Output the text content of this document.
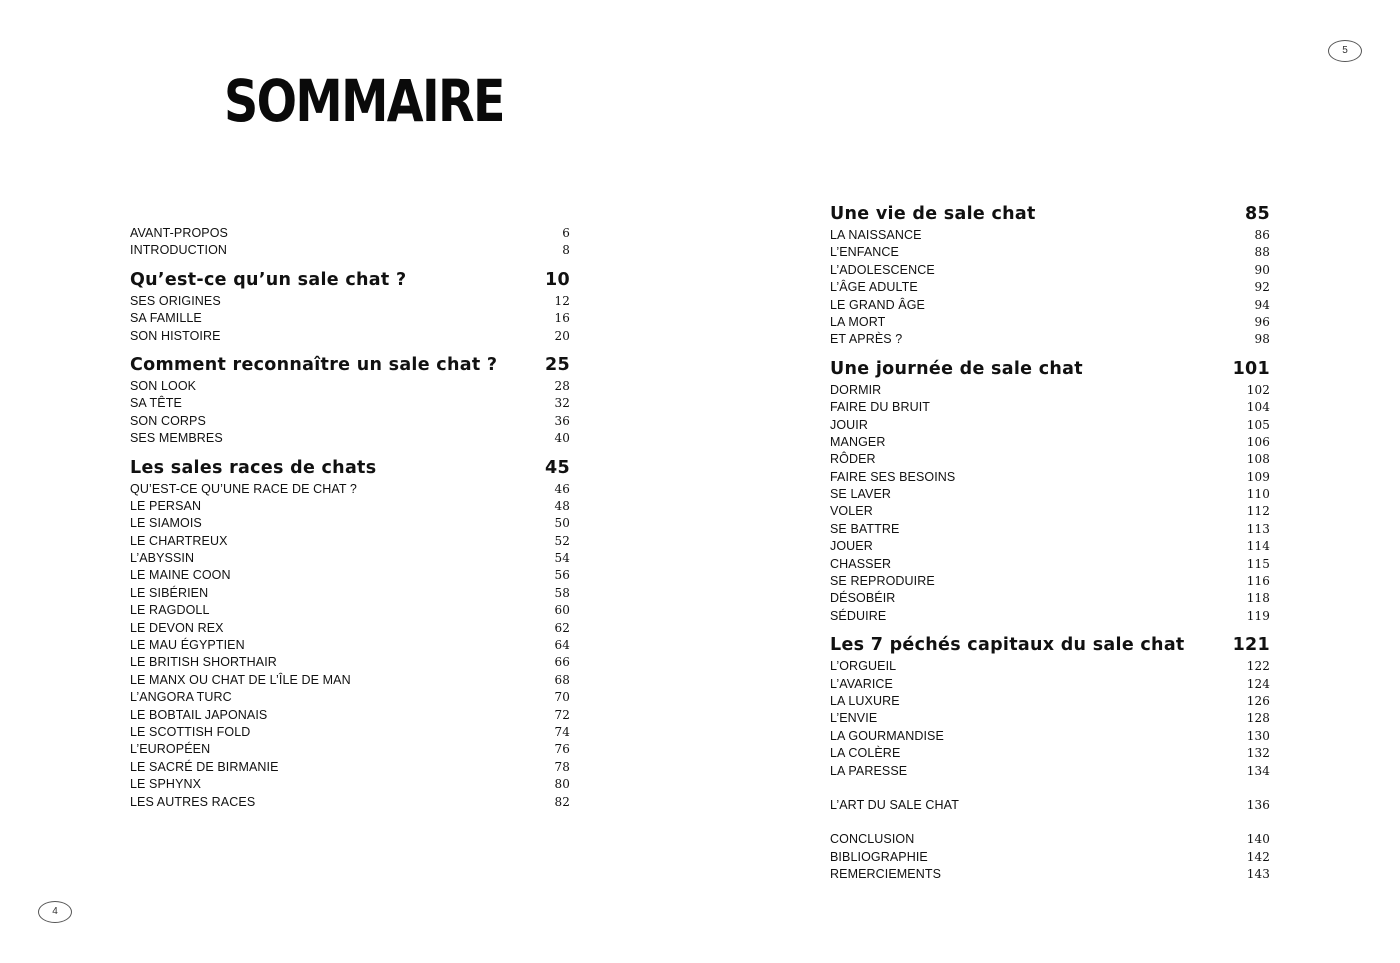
SOMMAIRE
4
5
AVANT-PROPOS	6
INTRODUCTION	8
Qu’est-ce qu’un sale chat ?	10
SES ORIGINES	12
SA FAMILLE	16
SON HISTOIRE	20
Comment reconnaître un sale chat ?	25
SON LOOK	28
SA TÊTE	32
SON CORPS	36
SES MEMBRES	40
Les sales races de chats	45
QU’EST-CE QU’UNE RACE DE CHAT ?	46
LE PERSAN	48
LE SIAMOIS	50
LE CHARTREUX	52
L’ABYSSIN	54
LE MAINE COON	56
LE SIBÉRIEN	58
LE RAGDOLL	60
LE DEVON REX	62
LE MAU ÉGYPTIEN	64
LE BRITISH SHORTHAIR	66
LE MANX OU CHAT DE L’ÎLE DE MAN	68
L’ANGORA TURC	70
LE BOBTAIL JAPONAIS	72
LE SCOTTISH FOLD	74
L’EUROPÉEN	76
LE SACRÉ DE BIRMANIE	78
LE SPHYNX	80
LES AUTRES RACES	82
Une vie de sale chat	85
LA NAISSANCE	86
L’ENFANCE	88
L’ADOLESCENCE	90
L’ÂGE ADULTE	92
LE GRAND ÂGE	94
LA MORT	96
ET APRÈS ?	98
Une journée de sale chat	101
DORMIR	102
FAIRE DU BRUIT	104
JOUIR	105
MANGER	106
RÔDER	108
FAIRE SES BESOINS	109
SE LAVER	110
VOLER	112
SE BATTRE	113
JOUER	114
CHASSER	115
SE REPRODUIRE	116
DÉSOBÉIR	118
SÉDUIRE	119
Les 7 péchés capitaux du sale chat	121
L’ORGUEIL	122
L’AVARICE	124
LA LUXURE	126
L’ENVIE	128
LA GOURMANDISE	130
LA COLÈRE	132
LA PARESSE	134
L’ART DU SALE CHAT	136
CONCLUSION	140
BIBLIOGRAPHIE	142
REMERCIEMENTS	143
